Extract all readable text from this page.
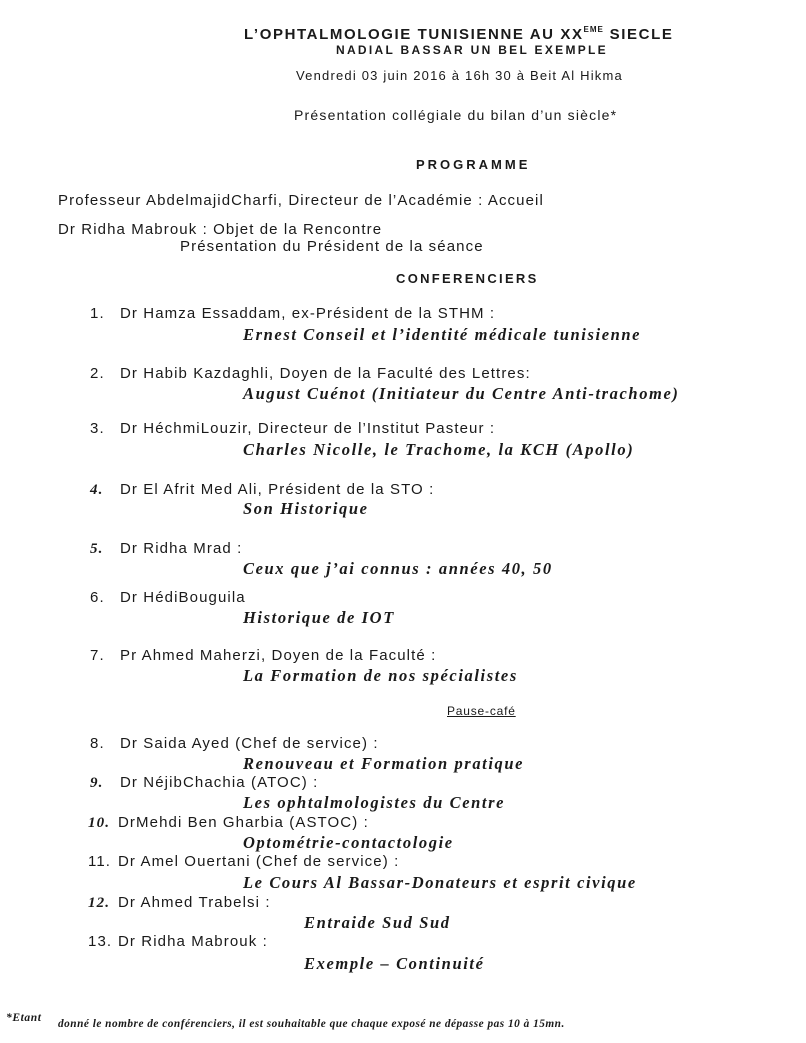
L’OPHTALMOLOGIE TUNISIENNE AU XXEME SIECLE
NADIAL BASSAR UN BEL EXEMPLE
Vendredi 03 juin 2016 à 16h 30 à Beit Al Hikma
Présentation collégiale du bilan d’un siècle*
PROGRAMME
Professeur AbdelmajidCharfi, Directeur de l’Académie : Accueil
Dr Ridha Mabrouk : Objet de la Rencontre
Présentation du Président de la séance
CONFERENCIERS
1. Dr Hamza Essaddam, ex-Président de la STHM :
Ernest Conseil et l’identité médicale tunisienne
2. Dr Habib Kazdaghli, Doyen de la Faculté des Lettres:
August Cuénot (Initiateur du Centre Anti-trachome)
3. Dr HéchmiLouzir, Directeur de l’Institut Pasteur :
Charles Nicolle, le Trachome, la KCH (Apollo)
4. Dr El Afrit Med Ali, Président de la STO :
Son Historique
5. Dr Ridha Mrad :
Ceux que j’ai connus : années 40, 50
6. Dr HédiBouguila
Historique de IOT
7. Pr Ahmed Maherzi, Doyen de la Faculté :
La Formation de nos spécialistes
Pause-café
8. Dr Saida Ayed (Chef de service) :
Renouveau et Formation pratique
9. Dr NéjibChachia (ATOC) :
Les ophtalmologistes du Centre
10. DrMehdi Ben Gharbia (ASTOC) :
Optométrie-contactologie
11. Dr Amel Ouertani (Chef de service) :
Le Cours Al Bassar-Donateurs et esprit civique
12. Dr Ahmed Trabelsi :
Entraide Sud Sud
13. Dr Ridha Mabrouk :
Exemple – Continuité
*Etant donné le nombre de conférenciers, il est souhaitable que chaque exposé ne dépasse pas 10 à 15mn.
